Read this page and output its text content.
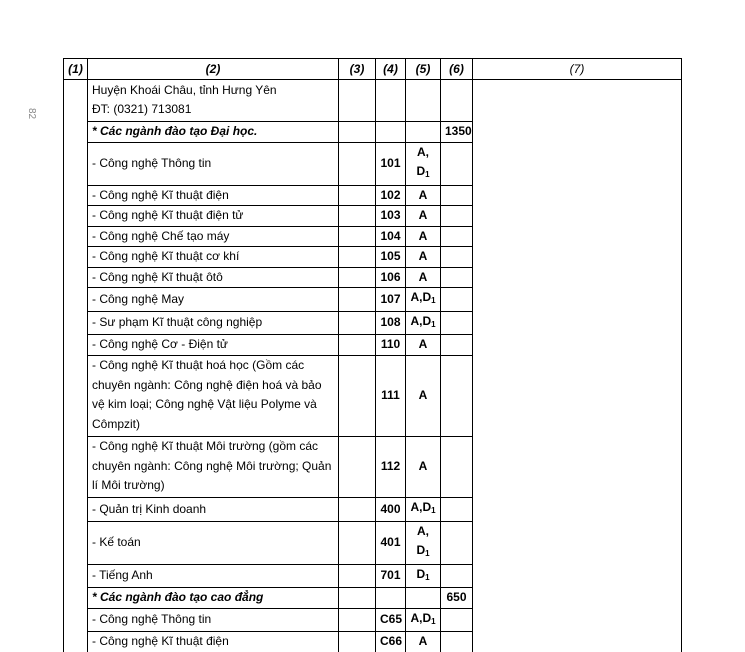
82
(1)	(2)	(3)	(4)	(5)	(6)	(7)

	Huyện Khoái Châu, tỉnh Hưng Yên
ĐT: (0321) 713081					

	* Các ngành đào tạo Đại học.				1350	
	- Công nghệ Thông tin		101	A, $D_1$	
	- Công nghệ Kĩ thuật điện		102	A		
	- Công nghệ Kĩ thuật điện tử		103	A		
	- Công nghệ Chế tạo máy		104	A		
	- Công nghệ Kĩ thuật cơ khí		105	A		
	- Công nghệ Kĩ thuật ôtô		106	A		
	- Công nghệ May		107	$A,D_1$	
	- Sư phạm Kĩ thuật công nghiệp		108	$A,D_1$	
	- Công nghệ Cơ - Điện tử		110	A		
	- Công nghệ Kĩ thuật hoá học (Gồm các chuyên ngành: Công nghệ điện hoá và bảo vệ kim loại; Công nghệ Vật liệu Polyme và Cômpzit)		111	A		
	- Công nghệ Kĩ thuật Môi trường (gồm các chuyên ngành: Công nghệ Môi trường; Quản lí Môi trường)		112	A		
	- Quản trị Kinh doanh		400	$A,D_1$	
	- Kế toán		401	A, $D_1$	
	- Tiếng Anh		701	$D_1$	
	* Các ngành đào tạo cao đẳng				650	
	- Công nghệ Thông tin		C65	$A,D_1$	
	- Công nghệ Kĩ thuật điện		C66	A		
